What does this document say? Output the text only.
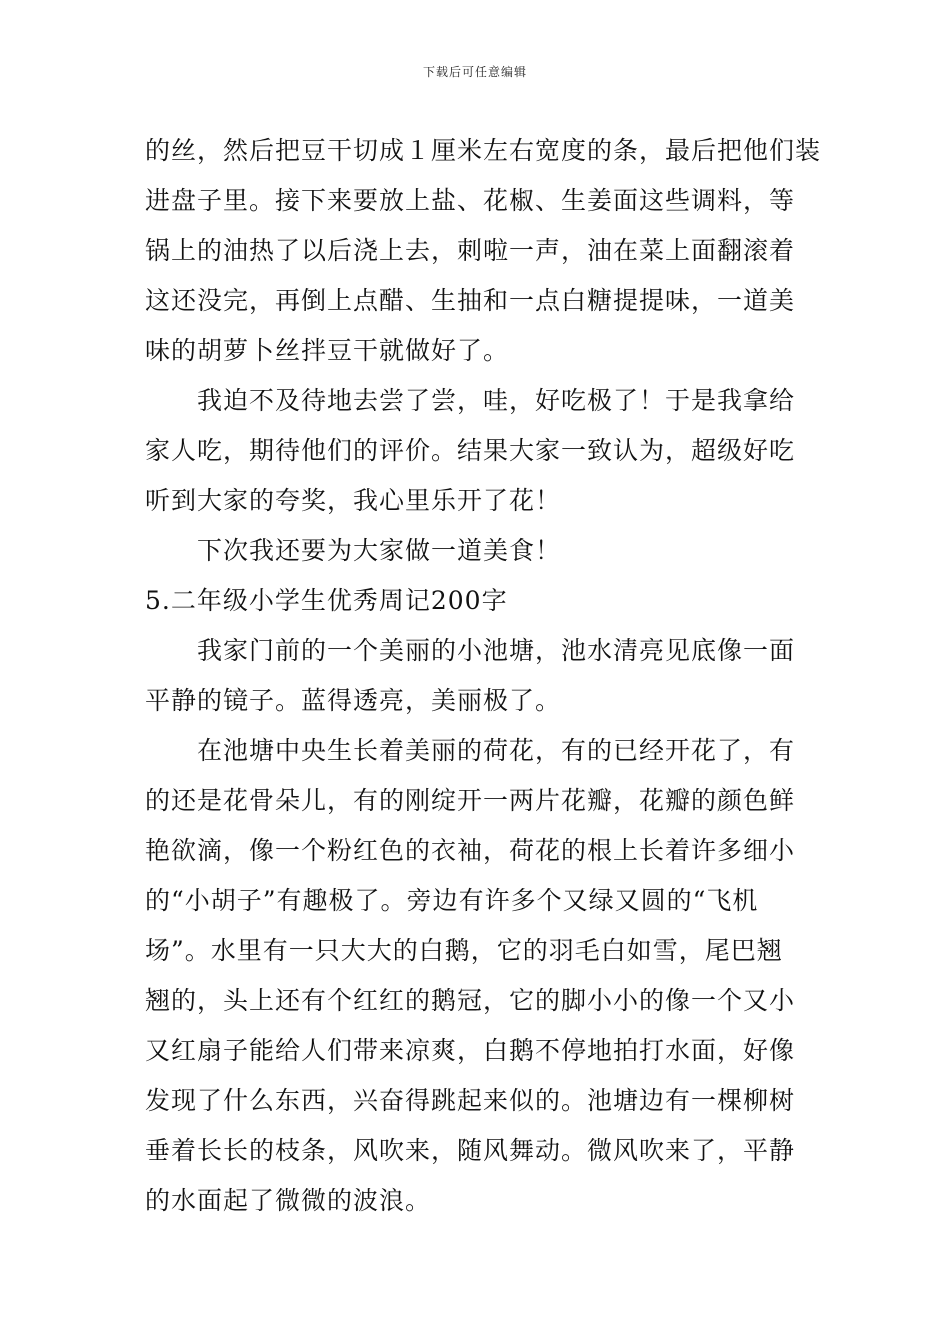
下载后可任意编辑
的丝，然后把豆干切成１厘米左右宽度的条，最后把他们装
进盘子里。接下来要放上盐、花椒、生姜面这些调料，等
锅上的油热了以后浇上去，刺啦一声，油在菜上面翻滚着
这还没完，再倒上点醋、生抽和一点白糖提提味，一道美
味的胡萝卜丝拌豆干就做好了。
我迫不及待地去尝了尝，哇，好吃极了！于是我拿给
家人吃，期待他们的评价。结果大家一致认为，超级好吃
听到大家的夸奖，我心里乐开了花！
下次我还要为大家做一道美食！
5.二年级小学生优秀周记200字
我家门前的一个美丽的小池塘，池水清亮见底像一面
平静的镜子。蓝得透亮，美丽极了。
在池塘中央生长着美丽的荷花，有的已经开花了，有
的还是花骨朵儿，有的刚绽开一两片花瓣，花瓣的颜色鲜
艳欲滴，像一个粉红色的衣袖，荷花的根上长着许多细小
的“小胡子”有趣极了。旁边有许多个又绿又圆的“飞机
场”。水里有一只大大的白鹅，它的羽毛白如雪，尾巴翘
翘的，头上还有个红红的鹅冠，它的脚小小的像一个又小
又红扇子能给人们带来凉爽，白鹅不停地拍打水面，好像
发现了什么东西，兴奋得跳起来似的。池塘边有一棵柳树
垂着长长的枝条，风吹来，随风舞动。微风吹来了，平静
的水面起了微微的波浪。
